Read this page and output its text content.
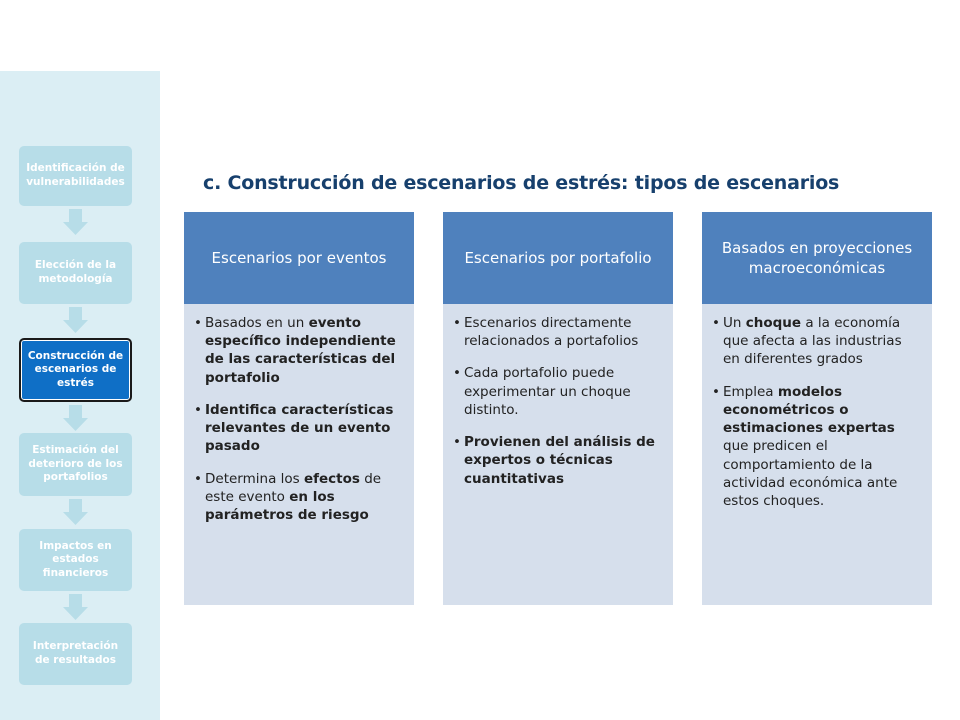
Identificación de vulnerabilidades
Elección de la metodología
Construcción de escenarios de estrés
Estimación del deterioro de los portafolios
Impactos en estados financieros
Interpretación de resultados
c. Construcción de escenarios de estrés: tipos de escenarios
Escenarios por eventos
• Basados en un evento específico independiente de las características del portafolio
• Identifica características relevantes de un evento pasado
• Determina los efectos de este evento en los parámetros de riesgo
Escenarios por portafolio
• Escenarios directamente relacionados a portafolios
• Cada portafolio puede experimentar un choque distinto.
• Provienen del análisis de expertos o técnicas cuantitativas
Basados en proyecciones macroeconómicas
• Un choque a la economía que afecta a las industrias en diferentes grados
• Emplea modelos econométricos o estimaciones expertas que predicen el comportamiento de la actividad económica ante estos choques.
